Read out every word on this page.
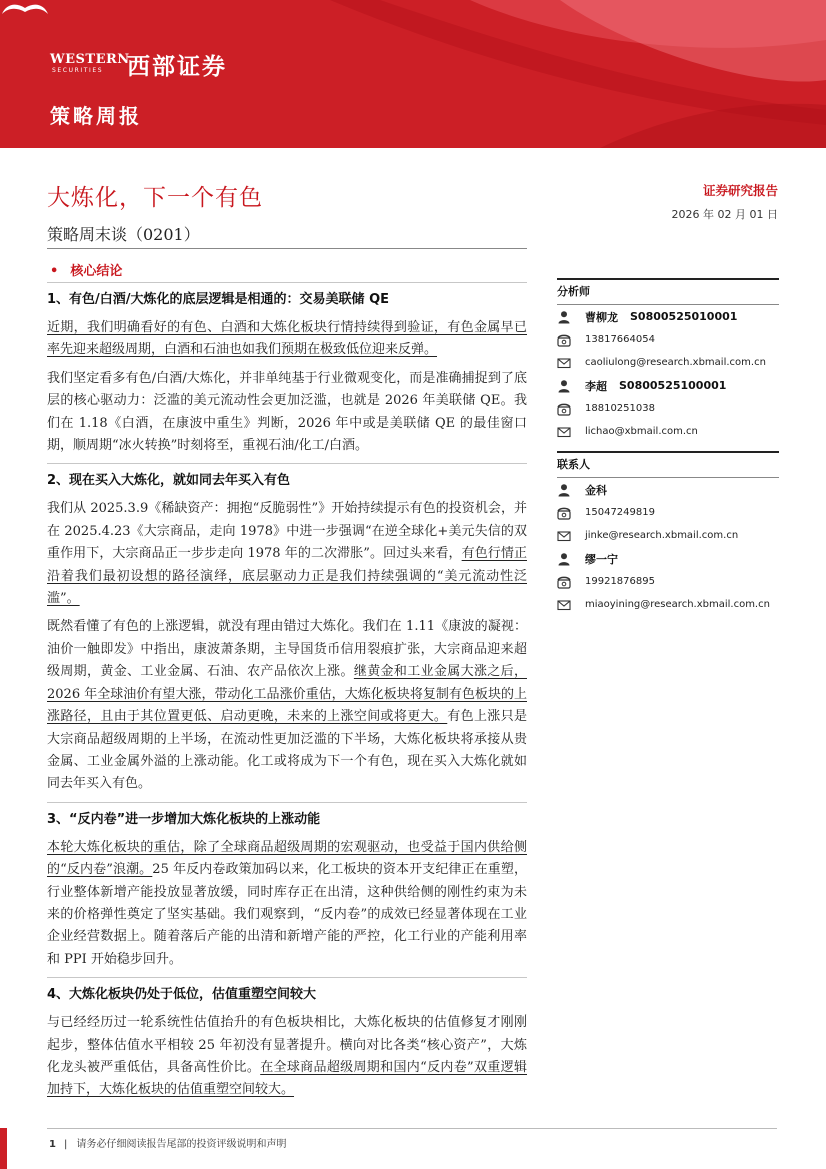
WESTERN
SECURITIES 西部证券
策略周报
大炼化，下一个有色
策略周末谈（0201）
证券研究报告
2026 年 02 月 01 日
• 核心结论
1、有色/白酒/大炼化的底层逻辑是相通的：交易美联储 QE

近期，我们明确看好的有色、白酒和大炼化板块行情持续得到验证，有色金属早已率先迎来超级周期，白酒和石油也如我们预期在极致低位迎来反弹。

我们坚定看多有色/白酒/大炼化，并非单纯基于行业微观变化，而是准确捕捉到了底层的核心驱动力：泛滥的美元流动性会更加泛滥，也就是 2026 年美联储 QE。我们在 1.18《白酒，在康波中重生》判断，2026 年中或是美联储 QE 的最佳窗口期，顺周期“冰火转换”时刻将至，重视石油/化工/白酒。

2、现在买入大炼化，就如同去年买入有色

我们从 2025.3.9《稀缺资产：拥抱“反脆弱性”》开始持续提示有色的投资机会，并在 2025.4.23《大宗商品，走向 1978》中进一步强调“在逆全球化+美元失信的双重作用下，大宗商品正一步步走向 1978 年的二次滞胀”。回过头来看，有色行情正沿着我们最初设想的路径演绎，底层驱动力正是我们持续强调的“美元流动性泛滥”。

既然看懂了有色的上涨逻辑，就没有理由错过大炼化。我们在 1.11《康波的凝视：油价一触即发》中指出，康波萧条期，主导国货币信用裂痕扩张，大宗商品迎来超级周期，黄金、工业金属、石油、农产品依次上涨。继黄金和工业金属大涨之后，2026 年全球油价有望大涨，带动化工品涨价重估，大炼化板块将复制有色板块的上涨路径，且由于其位置更低、启动更晚，未来的上涨空间或将更大。有色上涨只是大宗商品超级周期的上半场，在流动性更加泛滥的下半场，大炼化板块将承接从贵金属、工业金属外溢的上涨动能。化工或将成为下一个有色，现在买入大炼化就如同去年买入有色。

3、“反内卷”进一步增加大炼化板块的上涨动能

本轮大炼化板块的重估，除了全球商品超级周期的宏观驱动，也受益于国内供给侧的“反内卷”浪潮。25 年反内卷政策加码以来，化工板块的资本开支纪律正在重塑，行业整体新增产能投放显著放缓，同时库存正在出清，这种供给侧的刚性约束为未来的价格弹性奠定了坚实基础。我们观察到，“反内卷”的成效已经显著体现在工业企业经营数据上。随着落后产能的出清和新增产能的严控，化工行业的产能利用率和 PPI 开始稳步回升。

4、大炼化板块仍处于低位，估值重塑空间较大

与已经经历过一轮系统性估值抬升的有色板块相比，大炼化板块的估值修复才刚刚起步，整体估值水平相较 25 年初没有显著提升。横向对比各类“核心资产”，大炼化龙头被严重低估，具备高性价比。在全球商品超级周期和国内“反内卷”双重逻辑加持下，大炼化板块的估值重塑空间较大。

分析师
曹柳龙 S0800525010001
13817664054
caoliulong@research.xbmail.com.cn
李超 S0800525100001
18810251038
lichao@xbmail.com.cn
联系人
金科
15047249819
jinke@research.xbmail.com.cn
缪一宁
19921876895
miaoyining@research.xbmail.com.cn
1 | 请务必仔细阅读报告尾部的投资评级说明和声明
